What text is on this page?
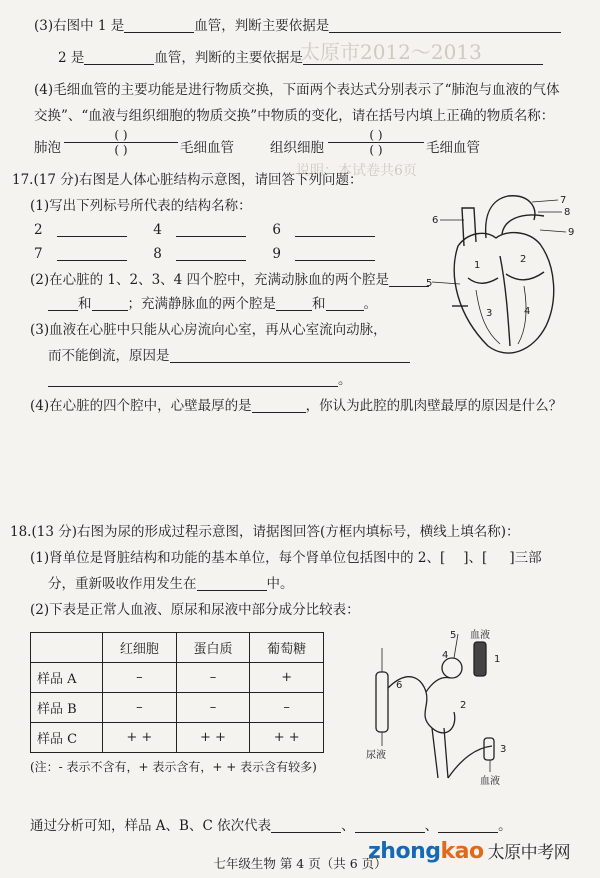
太原市2012～2013
说明：本试卷共6页
(3)右图中 1 是	血管，判断主要依据是
2 是	血管，判断的主要依据是
(4)毛细血管的主要功能是进行物质交换，下面两个表达式分别表示了“肺泡与血液的气体
交换”、“血液与组织细胞的物质交换”中物质的变化，请在括号内填上正确的物质名称：
肺泡
( )
( )	毛细血管	组织细胞
( )
( )	毛细血管
17.(17 分)右图是人体心脏结构示意图，请回答下列问题：
(1)写出下列标号所代表的结构名称：
2	4	6
7	8	9
(2)在心脏的 1、2、3、4 四个腔中，充满动脉血的两个腔是
和	；充满静脉血的两个腔是	和	。
(3)血液在心脏中只能从心房流向心室，再从心室流向动脉，
而不能倒流，原因是
。
(4)在心脏的四个腔中，心壁最厚的是	，你认为此腔的肌肉壁最厚的原因是什么？
6
7
8
9
5
1
2
3	4
18.(13 分)右图为尿的形成过程示意图，请据图回答(方框内填标号，横线上填名称)：
(1)肾单位是肾脏结构和功能的基本单位，每个肾单位包括图中的 2、[ ]、[ ]三部
分，重新吸收作用发生在	中。
(2)下表是正常人血液、原尿和尿液中部分成分比较表：
	红细胞	蛋白质	葡萄糖
样品 A	–	–	+
样品 B	–	–	–
样品 C	+ +	+ +	+ +
(注：- 表示不含有，+ 表示含有，+ + 表示含有较多)
血液
尿液
血液
1
2
3
4
5
6
通过分析可知，样品 A、B、C 依次代表	、	、	。
七年级生物 第 4 页（共 6 页）
zhongkao 太原中考网
